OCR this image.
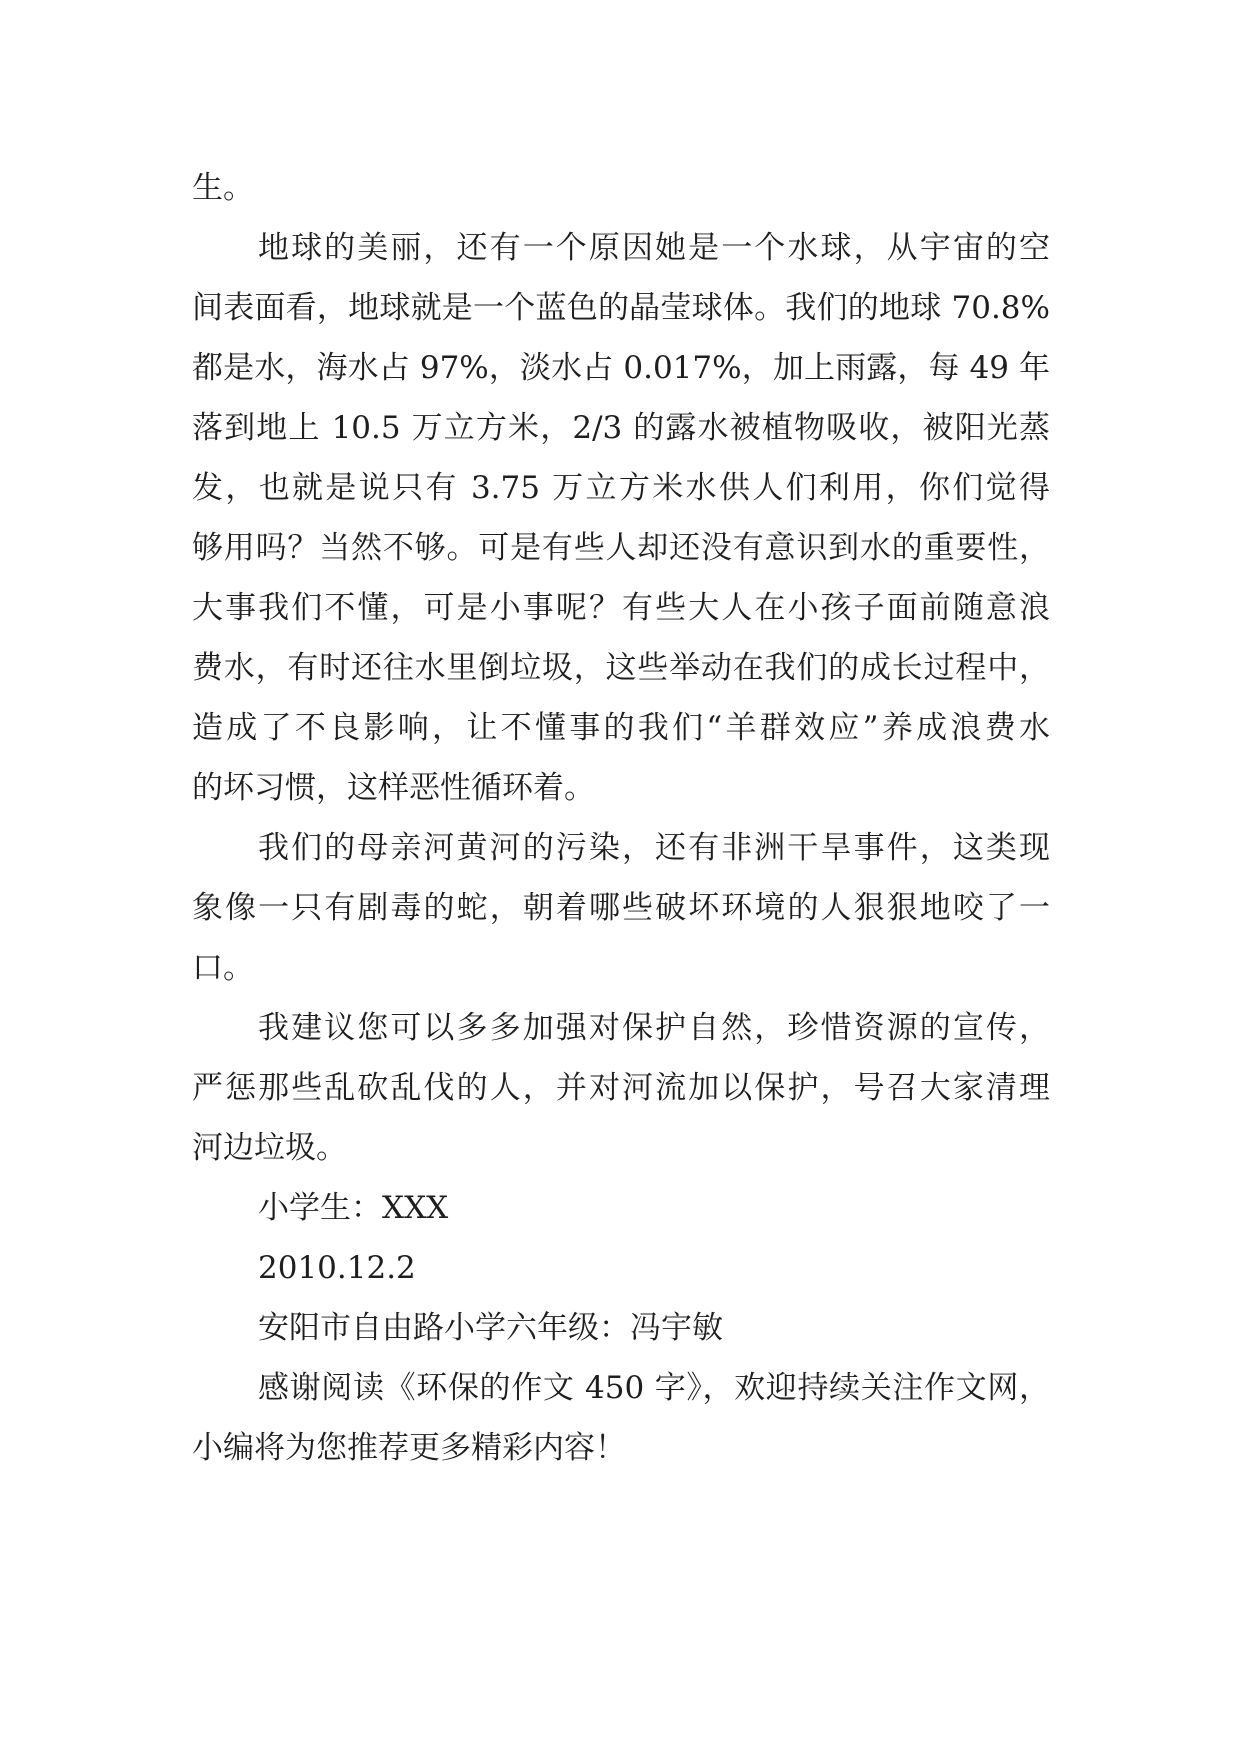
生。
地球的美丽，还有一个原因她是一个水球，从宇宙的空
间表面看，地球就是一个蓝色的晶莹球体。我们的地球 70.8%
都是水，海水占 97%，淡水占 0.017%，加上雨露，每 49 年
落到地上 10.5 万立方米，2/3 的露水被植物吸收，被阳光蒸
发，也就是说只有 3.75 万立方米水供人们利用，你们觉得
够用吗？当然不够。可是有些人却还没有意识到水的重要性，
大事我们不懂，可是小事呢？有些大人在小孩子面前随意浪
费水，有时还往水里倒垃圾，这些举动在我们的成长过程中，
造成了不良影响，让不懂事的我们“羊群效应”养成浪费水
的坏习惯，这样恶性循环着。
我们的母亲河黄河的污染，还有非洲干旱事件，这类现
象像一只有剧毒的蛇，朝着哪些破坏环境的人狠狠地咬了一
口。
我建议您可以多多加强对保护自然，珍惜资源的宣传，
严惩那些乱砍乱伐的人，并对河流加以保护，号召大家清理
河边垃圾。
小学生：XXX
2010.12.2
安阳市自由路小学六年级：冯宇敏
感谢阅读《环保的作文 450 字》，欢迎持续关注作文网，
小编将为您推荐更多精彩内容！
